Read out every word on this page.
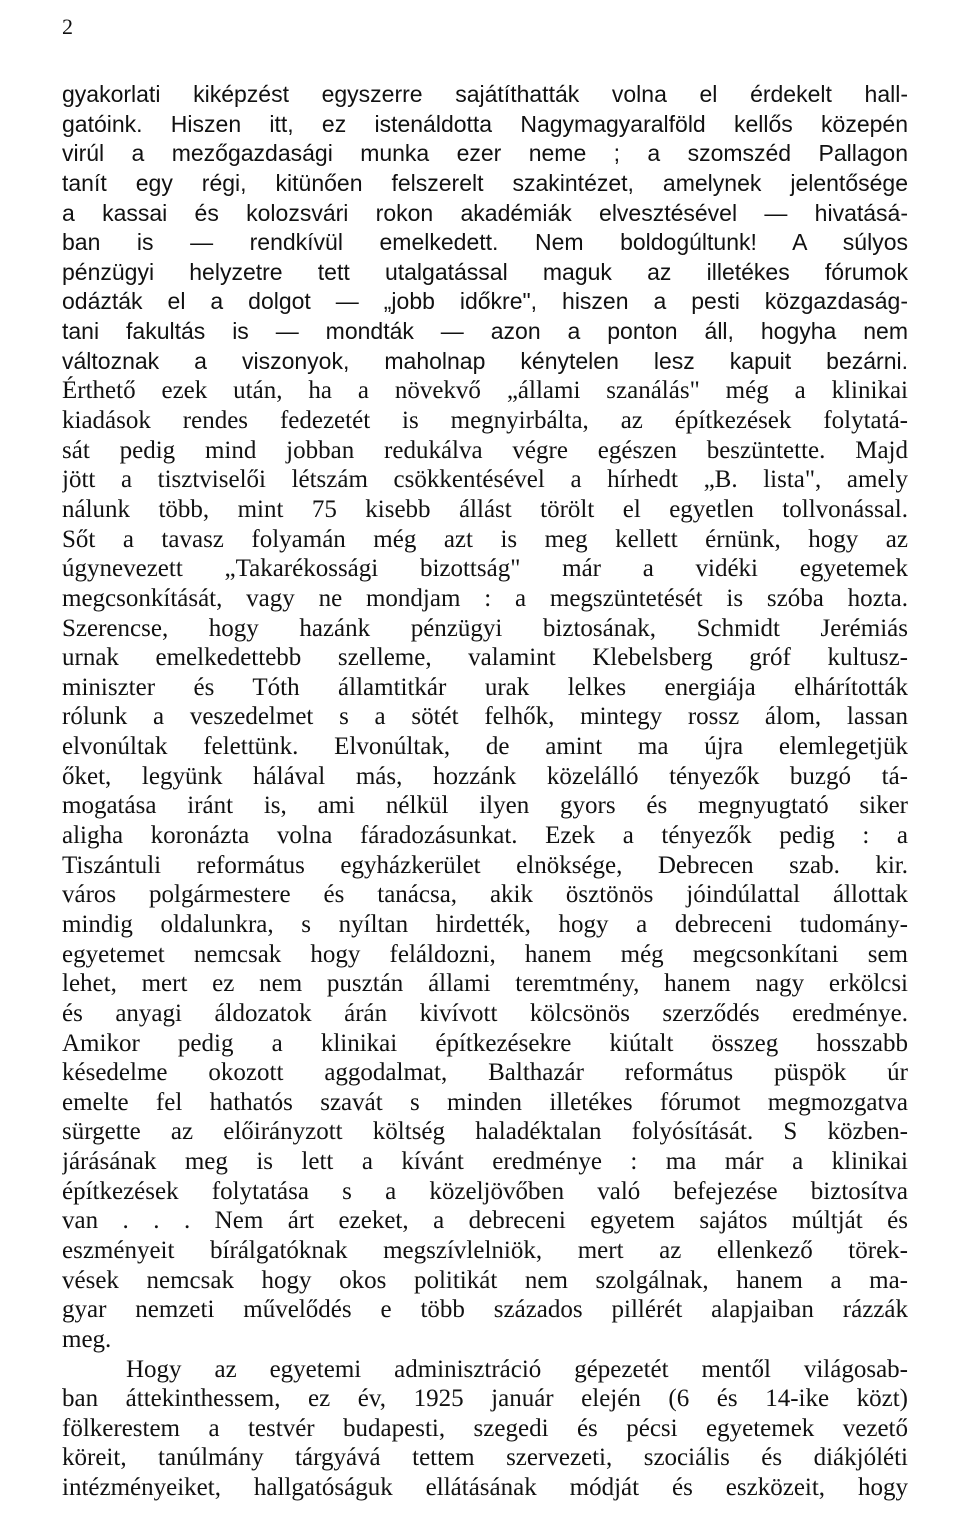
2
gyakorlati kiképzést egyszerre sajátíthatták volna el érdekelt hall-
gatóink. Hiszen itt, ez istenáldotta Nagymagyaralföld kellős közepén
virúl a mezőgazdasági munka ezer neme ; a szomszéd Pallagon
tanít egy régi, kitünően felszerelt szakintézet, amelynek jelentősége
a kassai és kolozsvári rokon akadémiák elvesztésével — hivatásá-
ban is — rendkívül emelkedett. Nem boldogúltunk! A súlyos
pénzügyi helyzetre tett utalgatással maguk az illetékes fórumok
odázták el a dolgot — „jobb időkre", hiszen a pesti közgazdaság-
tani fakultás is — mondták — azon a ponton áll, hogyha nem
változnak a viszonyok, maholnap kénytelen lesz kapuit bezárni.
Érthető ezek után, ha a növekvő „állami szanálás" még a klinikai
kiadások rendes fedezetét is megnyirbálta, az építkezések folytatá-
sát pedig mind jobban redukálva végre egészen beszüntette. Majd
jött a tisztviselői létszám csökkentésével a hírhedt „B. lista", amely
nálunk több, mint 75 kisebb állást törölt el egyetlen tollvonással.
Sőt a tavasz folyamán még azt is meg kellett érnünk, hogy az
úgynevezett „Takarékossági bizottság" már a vidéki egyetemek
megcsonkítását, vagy ne mondjam : a megszüntetését is szóba hozta.
Szerencse, hogy hazánk pénzügyi biztosának, Schmidt Jerémiás
urnak emelkedettebb szelleme, valamint Klebelsberg gróf kultusz-
miniszter és Tóth államtitkár urak lelkes energiája elhárították
rólunk a veszedelmet s a sötét felhők, mintegy rossz álom, lassan
elvonúltak felettünk. Elvonúltak, de amint ma újra elemlegetjük
őket, legyünk hálával más, hozzánk közelálló tényezők buzgó tá-
mogatása iránt is, ami nélkül ilyen gyors és megnyugtató siker
aligha koronázta volna fáradozásunkat. Ezek a tényezők pedig : a
Tiszántuli református egyházkerület elnöksége, Debrecen szab. kir.
város polgármestere és tanácsa, akik ösztönös jóindúlattal állottak
mindig oldalunkra, s nyíltan hirdették, hogy a debreceni tudomány-
egyetemet nemcsak hogy feláldozni, hanem még megcsonkítani sem
lehet, mert ez nem pusztán állami teremtmény, hanem nagy erkölcsi
és anyagi áldozatok árán kivívott kölcsönös szerződés eredménye.
Amikor pedig a klinikai építkezésekre kiútalt összeg hosszabb
késedelme okozott aggodalmat, Balthazár református püspök úr
emelte fel hathatós szavát s minden illetékes fórumot megmozgatva
sürgette az előirányzott költség haladéktalan folyósítását. S közben-
járásának meg is lett a kívánt eredménye : ma már a klinikai
építkezések folytatása s a közeljövőben való befejezése biztosítva
van . . . Nem árt ezeket, a debreceni egyetem sajátos múltját és
eszményeit bírálgatóknak megszívlelniök, mert az ellenkező törek-
vések nemcsak hogy okos politikát nem szolgálnak, hanem a ma-
gyar nemzeti művelődés e több százados pillérét alapjaiban rázzák
meg.
Hogy az egyetemi adminisztráció gépezetét mentől világosab-
ban áttekinthessem, ez év, 1925 január elején (6 és 14-ike közt)
fölkerestem a testvér budapesti, szegedi és pécsi egyetemek vezető
köreit, tanúlmány tárgyává tettem szervezeti, szociális és diákjóléti
intézményeiket, hallgatóságuk ellátásának módját és eszközeit, hogy
